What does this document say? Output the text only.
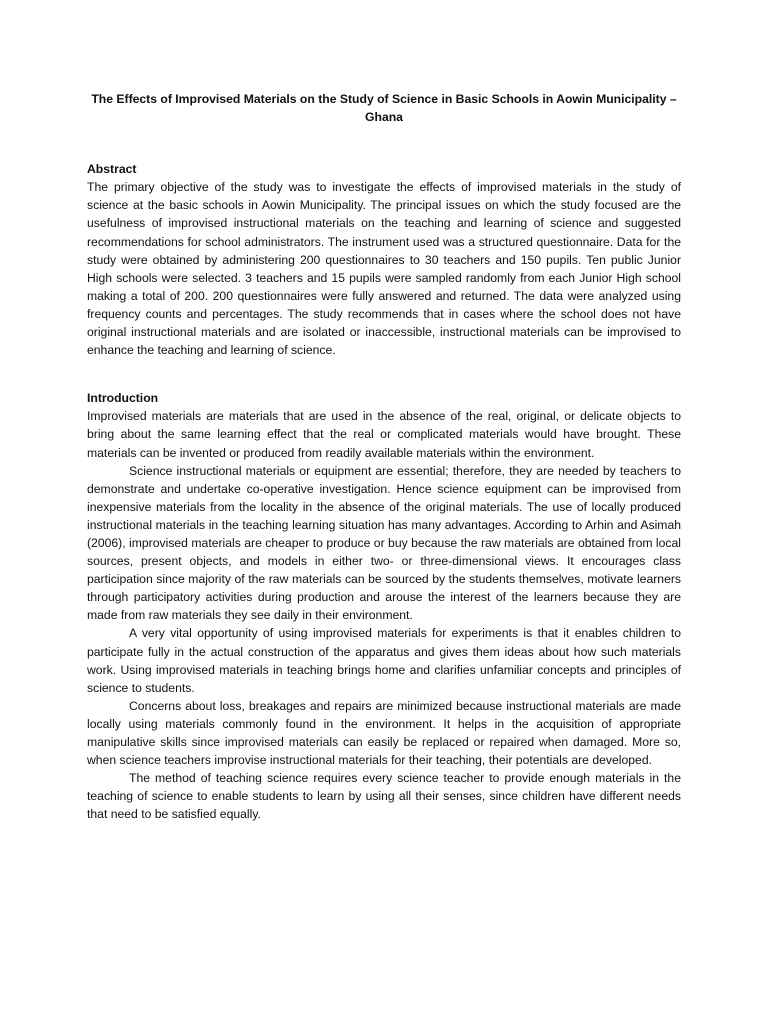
The Effects of Improvised Materials on the Study of Science in Basic Schools in Aowin Municipality – Ghana

Abstract

The primary objective of the study was to investigate the effects of improvised materials in the study of science at the basic schools in Aowin Municipality. The principal issues on which the study focused are the usefulness of improvised instructional materials on the teaching and learning of science and suggested recommendations for school administrators. The instrument used was a structured questionnaire. Data for the study were obtained by administering 200 questionnaires to 30 teachers and 150 pupils. Ten public Junior High schools were selected. 3 teachers and 15 pupils were sampled randomly from each Junior High school making a total of 200. 200 questionnaires were fully answered and returned. The data were analyzed using frequency counts and percentages. The study recommends that in cases where the school does not have original instructional materials and are isolated or inaccessible, instructional materials can be improvised to enhance the teaching and learning of science.

Introduction

Improvised materials are materials that are used in the absence of the real, original, or delicate objects to bring about the same learning effect that the real or complicated materials would have brought. These materials can be invented or produced from readily available materials within the environment.

Science instructional materials or equipment are essential; therefore, they are needed by teachers to demonstrate and undertake co-operative investigation. Hence science equipment can be improvised from inexpensive materials from the locality in the absence of the original materials. The use of locally produced instructional materials in the teaching learning situation has many advantages. According to Arhin and Asimah (2006), improvised materials are cheaper to produce or buy because the raw materials are obtained from local sources, present objects, and models in either two- or three-dimensional views. It encourages class participation since majority of the raw materials can be sourced by the students themselves, motivate learners through participatory activities during production and arouse the interest of the learners because they are made from raw materials they see daily in their environment.

A very vital opportunity of using improvised materials for experiments is that it enables children to participate fully in the actual construction of the apparatus and gives them ideas about how such materials work. Using improvised materials in teaching brings home and clarifies unfamiliar concepts and principles of science to students.

Concerns about loss, breakages and repairs are minimized because instructional materials are made locally using materials commonly found in the environment. It helps in the acquisition of appropriate manipulative skills since improvised materials can easily be replaced or repaired when damaged. More so, when science teachers improvise instructional materials for their teaching, their potentials are developed.

The method of teaching science requires every science teacher to provide enough materials in the teaching of science to enable students to learn by using all their senses, since children have different needs that need to be satisfied equally.
